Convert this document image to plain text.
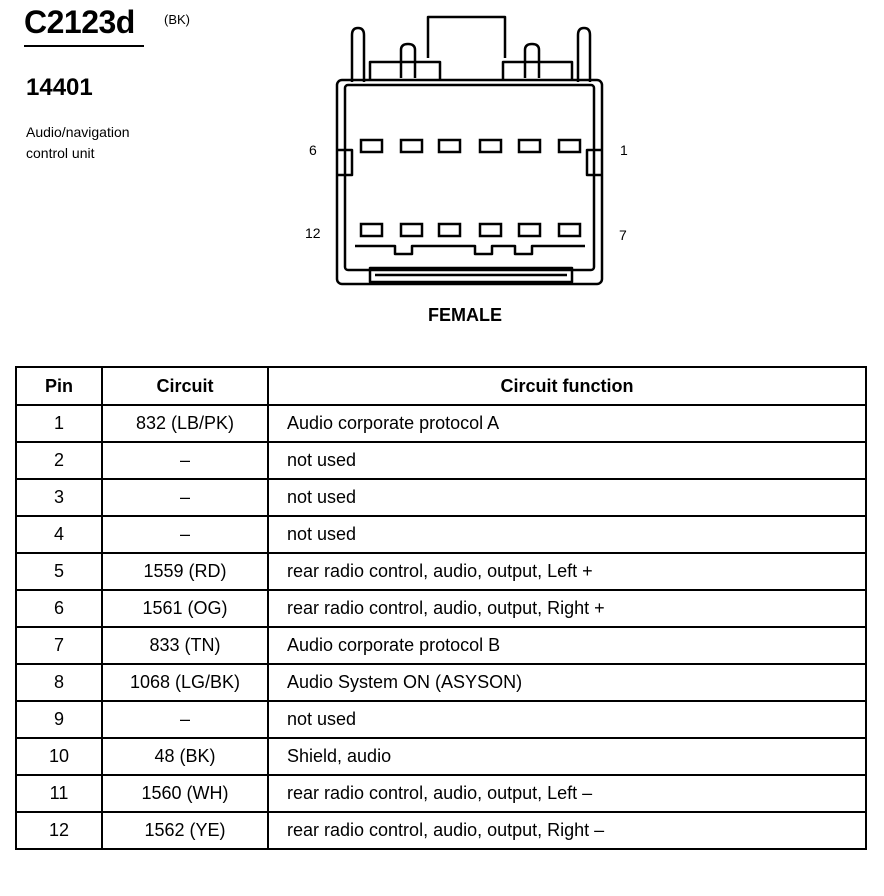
C2123d	(BK)
14401
Audio/navigation
control unit	6	1
12	7
FEMALE
Pin	Circuit	Circuit function
1	832 (LB/PK)	Audio corporate protocol A
2	–	not used
3	–	not used
4	–	not used
5	1559 (RD)	rear radio control, audio, output, Left +
6	1561 (OG)	rear radio control, audio, output, Right +
7	833 (TN)	Audio corporate protocol B
8	1068 (LG/BK)	Audio System ON (ASYSON)
9	–	not used
10	48 (BK)	Shield, audio
11	1560 (WH)	rear radio control, audio, output, Left –
12	1562 (YE)	rear radio control, audio, output, Right –
